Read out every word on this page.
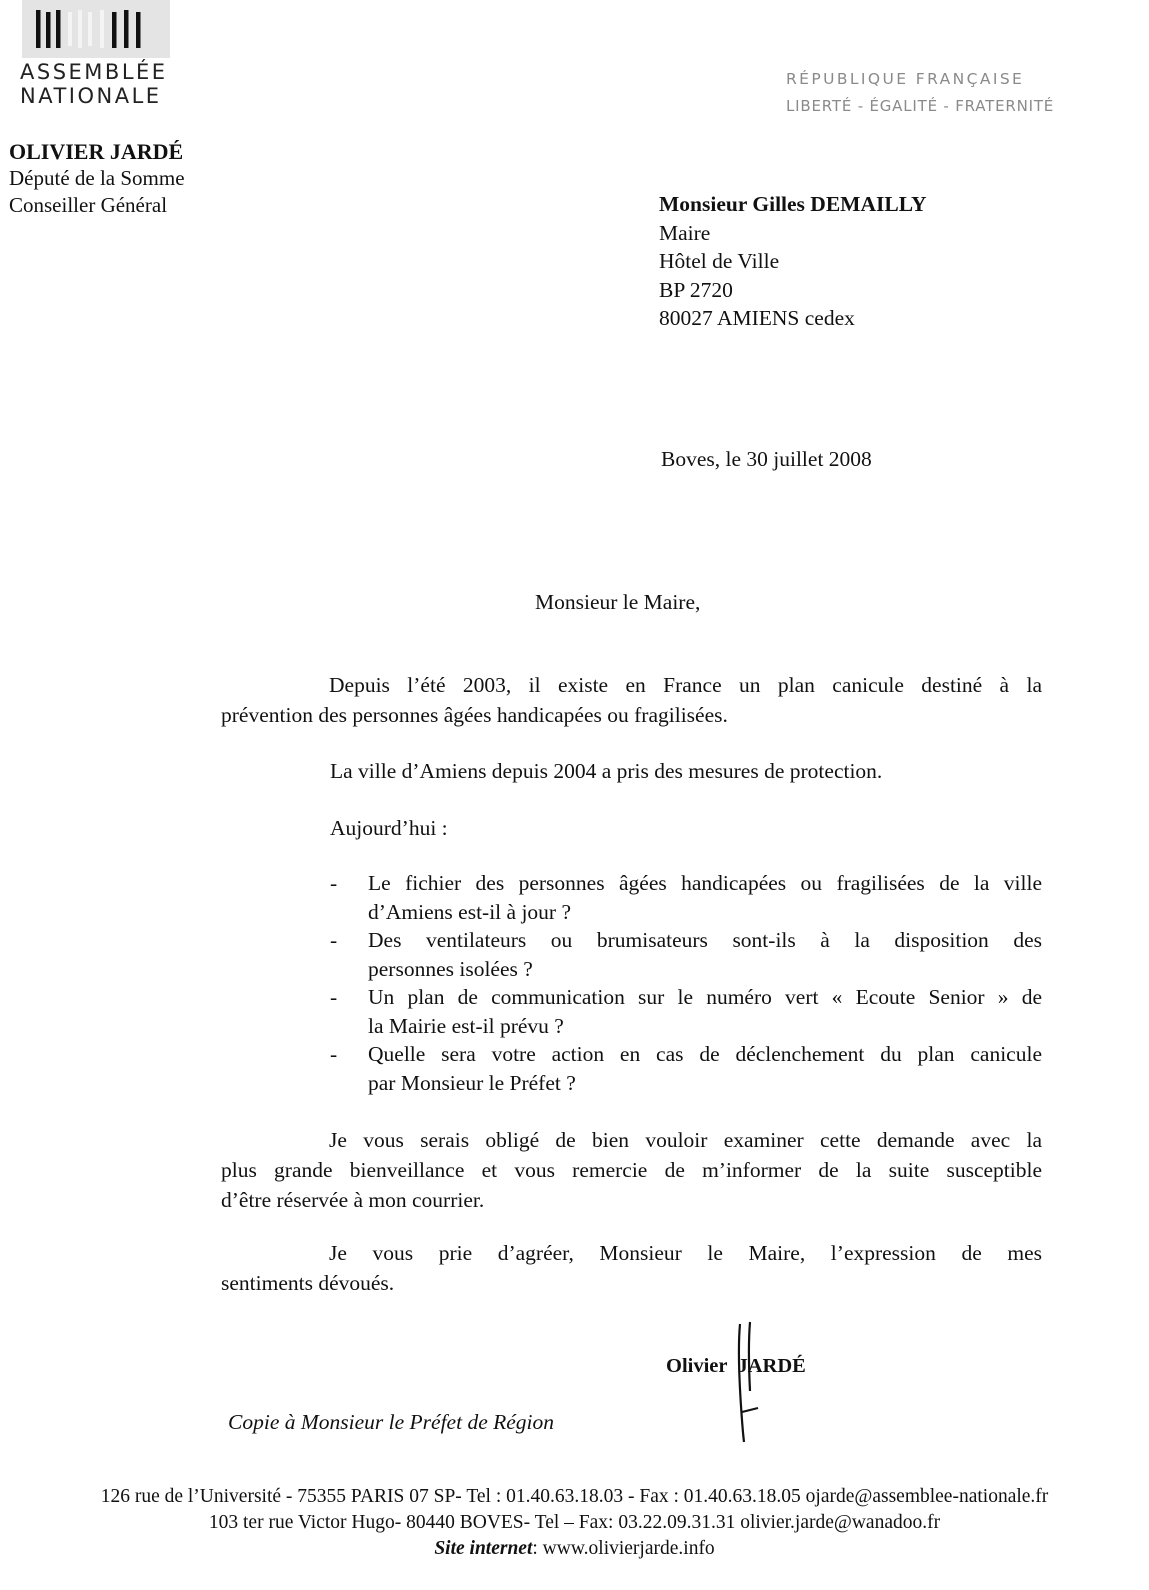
ASSEMBLÉE
NATIONALE
RÉPUBLIQUE FRANÇAISE
LIBERTÉ - ÉGALITÉ - FRATERNITÉ
OLIVIER JARDÉ
Député de la Somme
Conseiller Général	Monsieur Gilles DEMAILLY
Maire
Hôtel de Ville
BP 2720
80027 AMIENS cedex
Boves, le 30 juillet 2008
Monsieur le Maire,
Depuis l’été 2003, il existe en France un plan canicule destiné à la
prévention des personnes âgées handicapées ou fragilisées.
La ville d’Amiens depuis 2004 a pris des mesures de protection.
Aujourd’hui :
- Le fichier des personnes âgées handicapées ou fragilisées de la ville
d’Amiens est-il à jour ?
- Des ventilateurs ou brumisateurs sont-ils à la disposition des
personnes isolées ?
- Un plan de communication sur le numéro vert « Ecoute Senior » de
la Mairie est-il prévu ?
- Quelle sera votre action en cas de déclenchement du plan canicule
par Monsieur le Préfet ?
Je vous serais obligé de bien vouloir examiner cette demande avec la
plus grande bienveillance et vous remercie de m’informer de la suite susceptible
d’être réservée à mon courrier.
Je vous prie d’agréer, Monsieur le Maire, l’expression de mes
sentiments dévoués.
Olivier JARDÉ
Copie à Monsieur le Préfet de Région
126 rue de l’Université - 75355 PARIS 07 SP- Tel : 01.40.63.18.03 - Fax : 01.40.63.18.05 ojarde@assemblee-nationale.fr
103 ter rue Victor Hugo- 80440 BOVES- Tel – Fax: 03.22.09.31.31 olivier.jarde@wanadoo.fr
Site internet: www.olivierjarde.info
